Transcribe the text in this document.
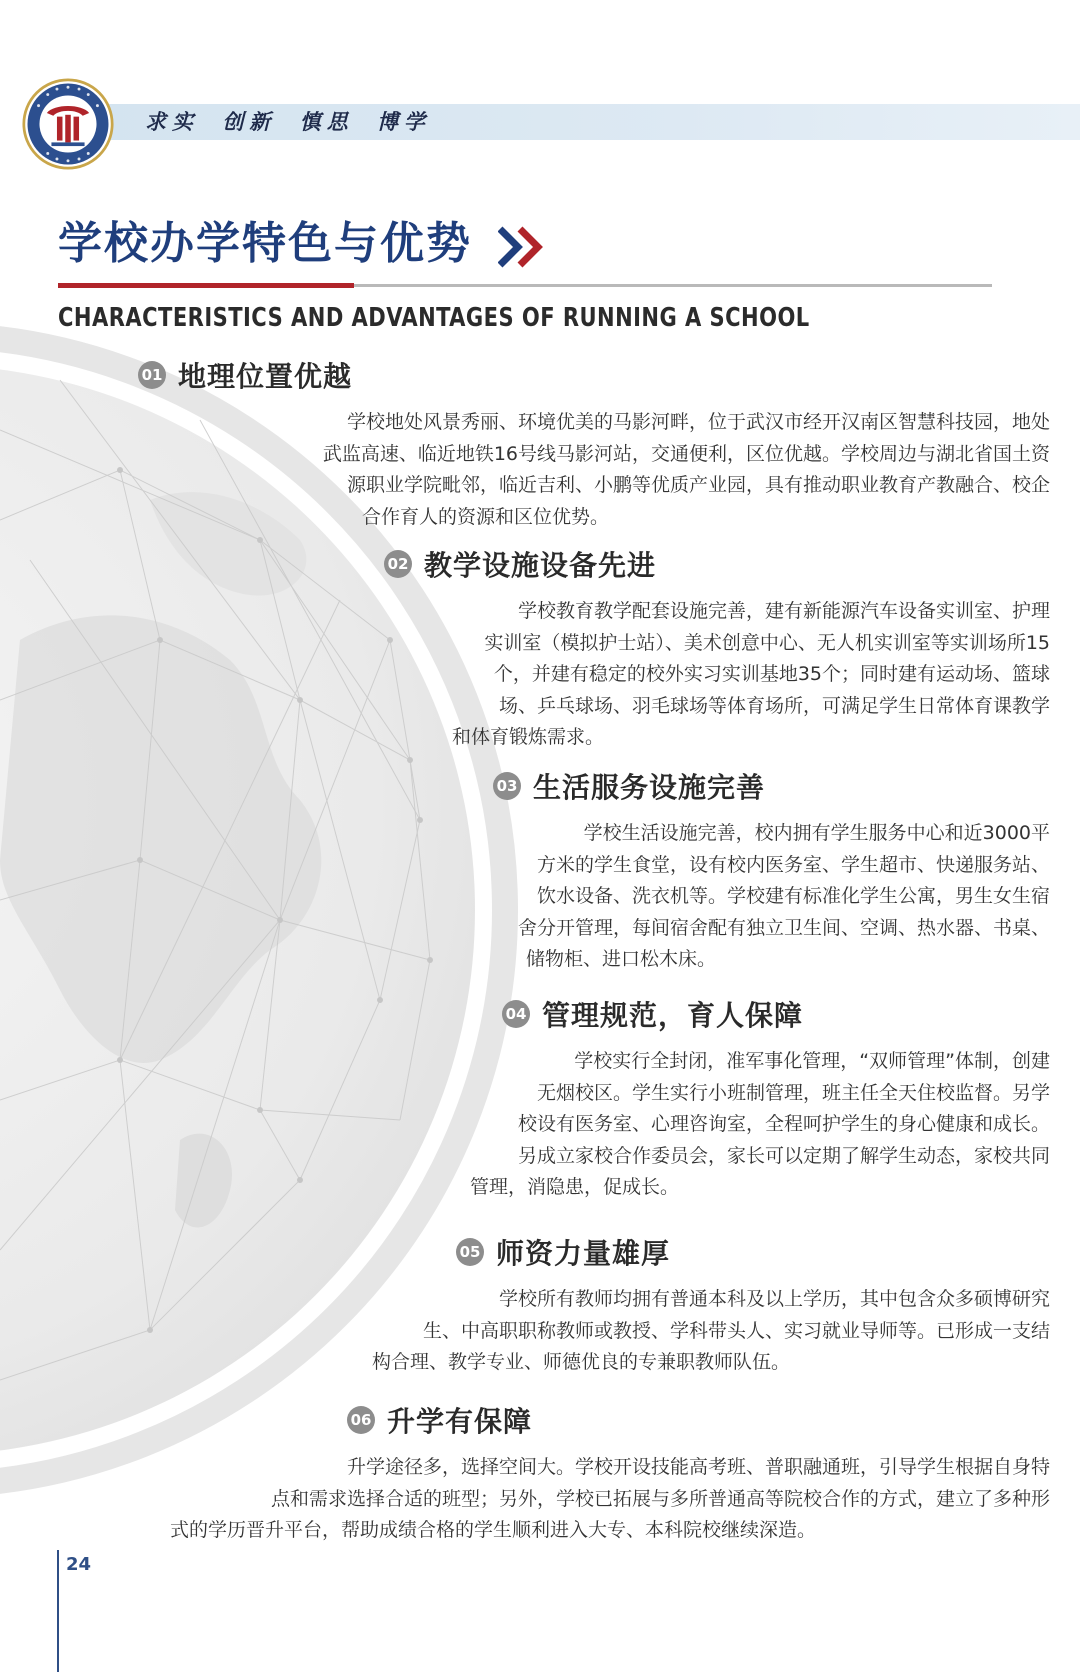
求实 创新 慎思 博学
学校办学特色与优势

CHARACTERISTICS AND ADVANTAGES OF RUNNING A SCHOOL

01 地理位置优越

学校地处风景秀丽、环境优美的马影河畔，位于武汉市经开汉南区智慧科技园，地处
武监高速、临近地铁16号线马影河站，交通便利，区位优越。学校周边与湖北省国土资
源职业学院毗邻，临近吉利、小鹏等优质产业园，具有推动职业教育产教融合、校企
合作育人的资源和区位优势。

02 教学设施设备先进

学校教育教学配套设施完善，建有新能源汽车设备实训室、护理
实训室（模拟护士站）、美术创意中心、无人机实训室等实训场所15
个，并建有稳定的校外实习实训基地35个；同时建有运动场、篮球
场、乒乓球场、羽毛球场等体育场所，可满足学生日常体育课教学
和体育锻炼需求。

03 生活服务设施完善

学校生活设施完善，校内拥有学生服务中心和近3000平
方米的学生食堂，设有校内医务室、学生超市、快递服务站、
饮水设备、洗衣机等。学校建有标准化学生公寓，男生女生宿
舍分开管理，每间宿舍配有独立卫生间、空调、热水器、书桌、
储物柜、进口松木床。

04 管理规范，育人保障

学校实行全封闭，准军事化管理，“双师管理”体制，创建
无烟校区。学生实行小班制管理，班主任全天住校监督。另学
校设有医务室、心理咨询室，全程呵护学生的身心健康和成长。
另成立家校合作委员会，家长可以定期了解学生动态，家校共同
管理，消隐患，促成长。

05 师资力量雄厚

学校所有教师均拥有普通本科及以上学历，其中包含众多硕博研究
生、中高职职称教师或教授、学科带头人、实习就业导师等。已形成一支结
构合理、教学专业、师德优良的专兼职教师队伍。

06 升学有保障

升学途径多，选择空间大。学校开设技能高考班、普职融通班，引导学生根据自身特
点和需求选择合适的班型；另外，学校已拓展与多所普通高等院校合作的方式，建立了多种形
式的学历晋升平台，帮助成绩合格的学生顺利进入大专、本科院校继续深造。

24
